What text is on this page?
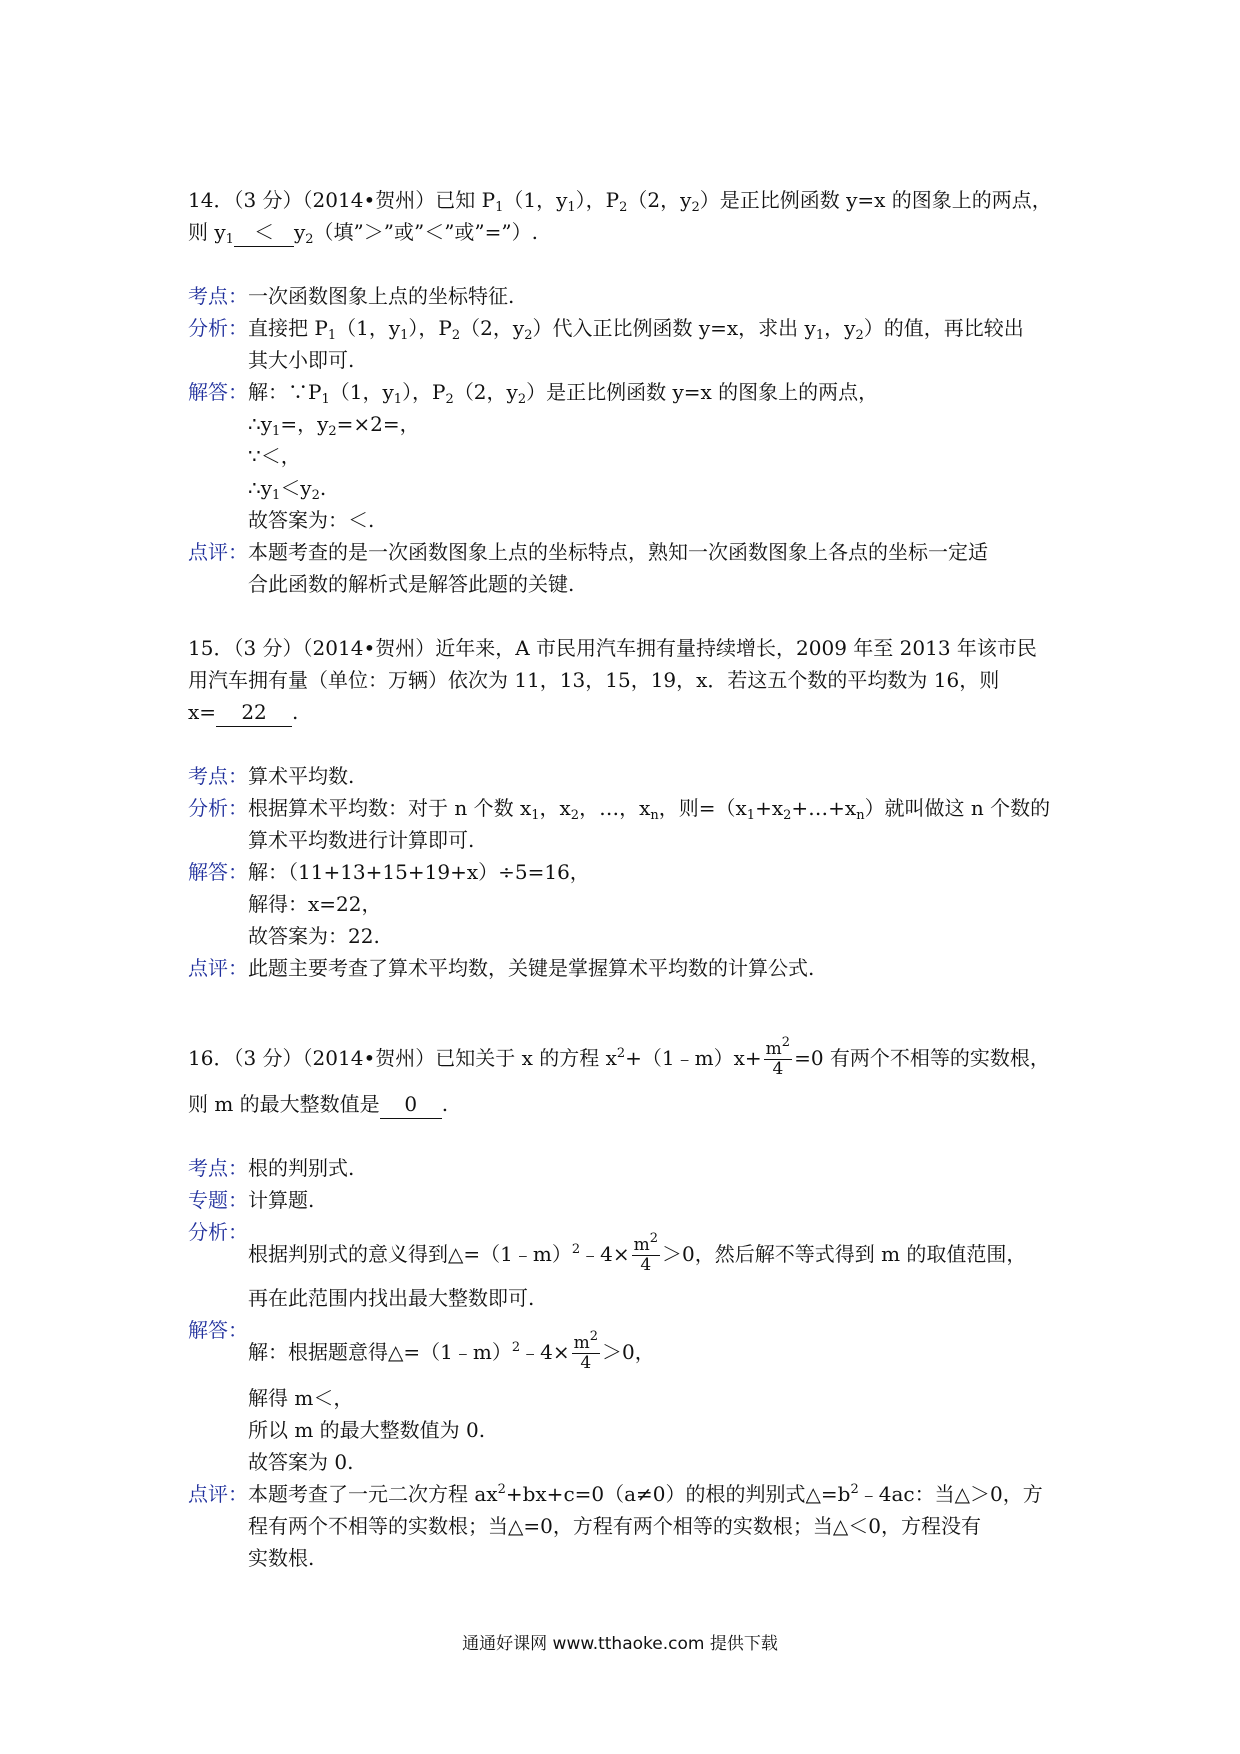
14．（3 分）（2014•贺州）已知 $P_1(1$，$y_1$），$P_2(2$，$y_2$）是正比例函数 y=x 的图象上的两点，
则 $y_1 < y_2$（填”＞”或”＜”或”=”）.
考点： 一次函数图象上点的坐标特征.
分析： 直接把 $P_1(1$，$y_1$），$P_2(2$，$y_2$）代入正比例函数 y=x，求出 $y_1$，$y_2$）的值，再比较出
其大小即可.
解答： 解：$\because P_1(1$，$y_1$），$P_2(2$，$y_2$）是正比例函数 y=x 的图象上的两点，
$\therefore y_1=$，$y_2=\times 2=$，
∵＜，
$\therefore y_1<y_2$.
故答案为：＜.
点评： 本题考查的是一次函数图象上点的坐标特点，熟知一次函数图象上各点的坐标一定适
合此函数的解析式是解答此题的关键.
15．（3 分）（2014•贺州）近年来，A 市民用汽车拥有量持续增长，2009 年至 2013 年该市民
用汽车拥有量（单位：万辆）依次为 11，13，15，19，x．若这五个数的平均数为 16，则
x= 22 .
考点： 算术平均数.
分析： 根据算术平均数：对于 n 个数 $x_1$，$x_2$，…，$x_n$，则$=(x_1+x_2+\dots+x_n)$就叫做这 n 个数的
算术平均数进行计算即可.
解答： 解：（11+13+15+19+x）÷5=16，
解得：x=22，
故答案为：22.
点评： 此题主要考查了算术平均数，关键是掌握算术平均数的计算公式.
16．（3 分）（2014•贺州）已知关于 x 的方程 $x^2+(1﹣m)x+ \frac{m^2}{4} =0$ 有两个不相等的实数根，
则 m 的最大整数值是 0 .
考点： 根的判别式.
专题： 计算题.
分析：
根据判别式的意义得到△=（1﹣m）$^2$﹣4× $\frac{m^2}{4} >0$，然后解不等式得到 m 的取值范围，
再在此范围内找出最大整数即可.
解答：
解：根据题意得△=（1﹣m）$^2$﹣4× $\frac{m^2}{4} >0$，
解得 m＜，
所以 m 的最大整数值为 0.
故答案为 0.
点评： 本题考查了一元二次方程 $ax^2+bx+c=0(a\ne 0)$的根的判别式$\triangle=b^2﹣4ac$：当△＞0，方
程有两个不相等的实数根；当△=0，方程有两个相等的实数根；当△＜0，方程没有
实数根.
通通好课网 www.tthaoke.com 提供下载
